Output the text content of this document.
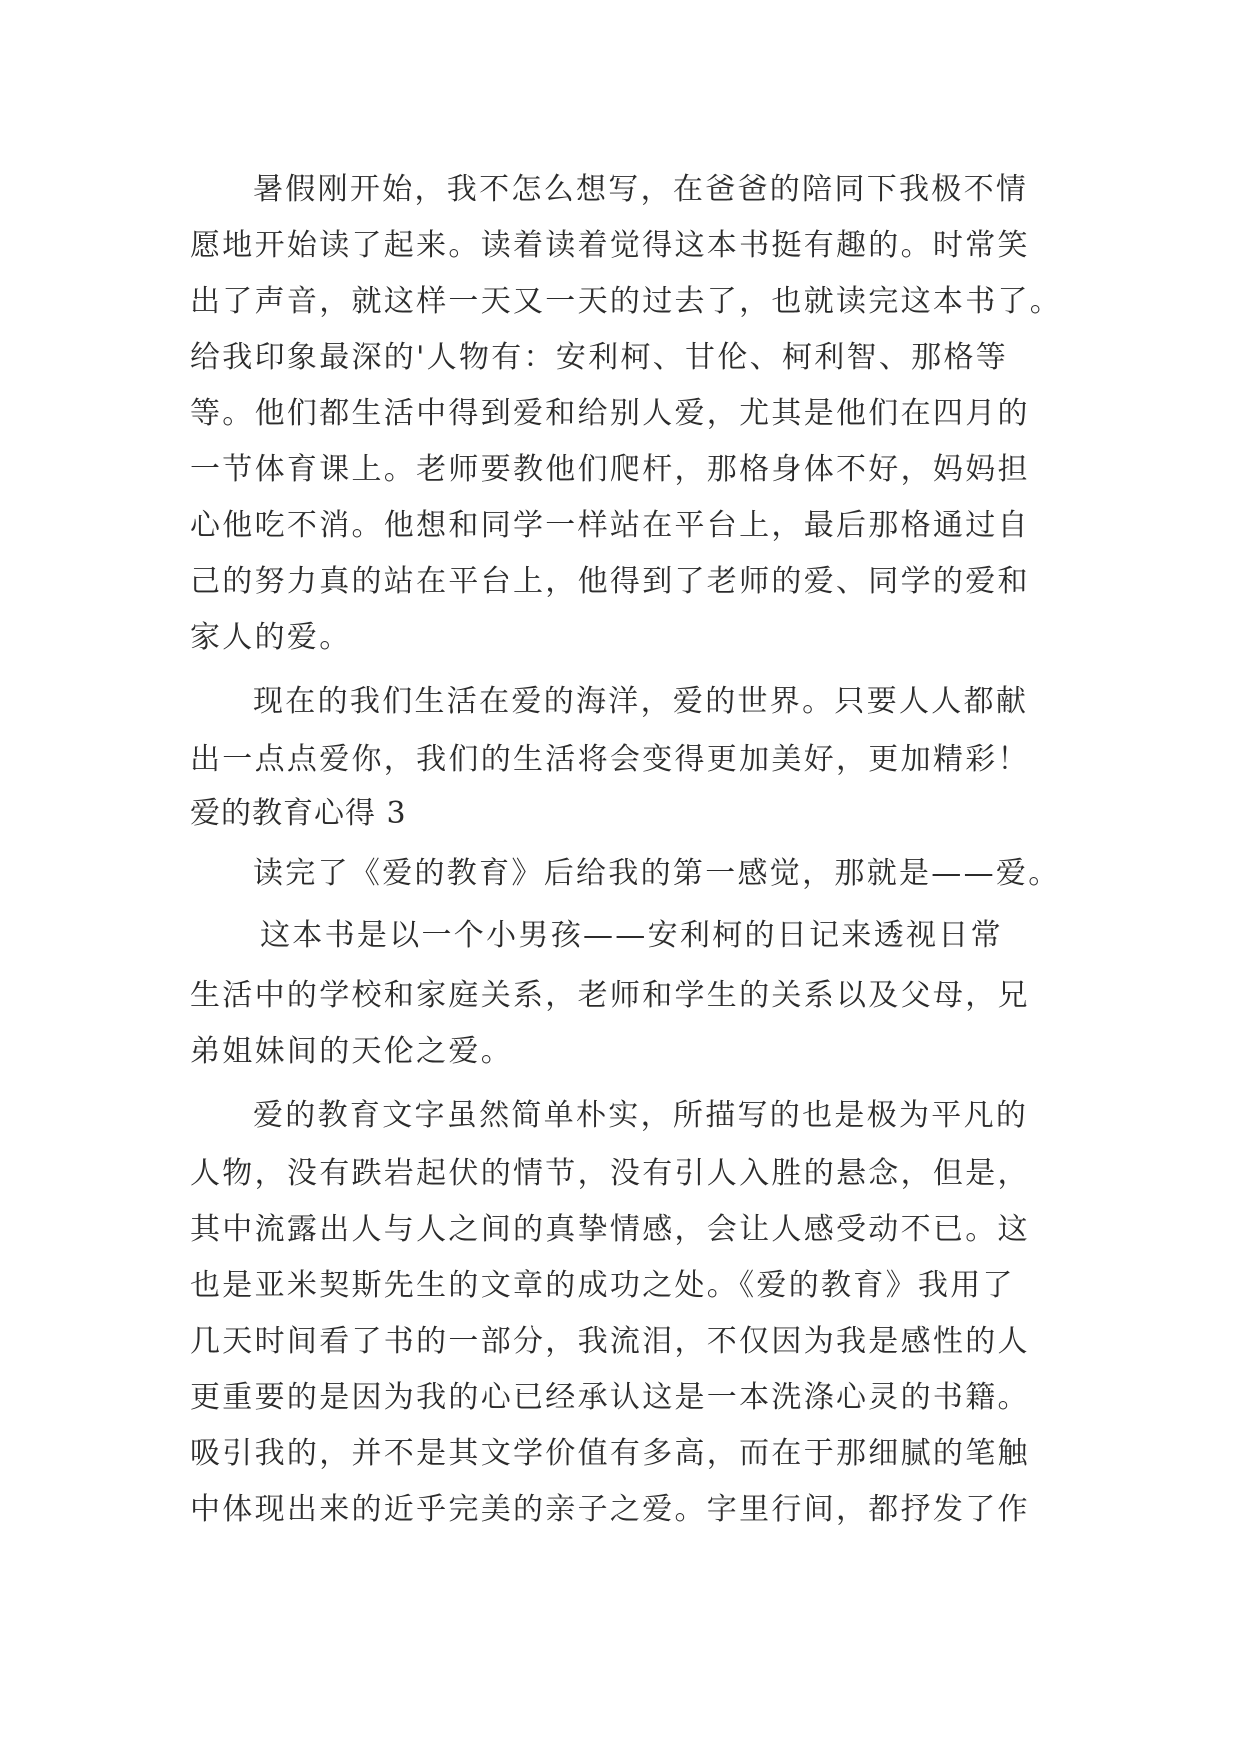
暑假刚开始，我不怎么想写，在爸爸的陪同下我极不情
愿地开始读了起来。读着读着觉得这本书挺有趣的。时常笑
出了声音，就这样一天又一天的过去了，也就读完这本书了。
给我印象最深的'人物有：安利柯、甘伦、柯利智、那格等
等。他们都生活中得到爱和给别人爱，尤其是他们在四月的
一节体育课上。老师要教他们爬杆，那格身体不好，妈妈担
心他吃不消。他想和同学一样站在平台上，最后那格通过自
己的努力真的站在平台上，他得到了老师的爱、同学的爱和
家人的爱。
现在的我们生活在爱的海洋，爱的世界。只要人人都献
出一点点爱你，我们的生活将会变得更加美好，更加精彩！
爱的教育心得 3
读完了《爱的教育》后给我的第一感觉，那就是——爱。
这本书是以一个小男孩——安利柯的日记来透视日常
生活中的学校和家庭关系，老师和学生的关系以及父母，兄
弟姐妹间的天伦之爱。
爱的教育文字虽然简单朴实，所描写的也是极为平凡的
人物，没有跌岩起伏的情节，没有引人入胜的悬念，但是，
其中流露出人与人之间的真挚情感，会让人感受动不已。这
也是亚米契斯先生的文章的成功之处。《爱的教育》我用了
几天时间看了书的一部分，我流泪，不仅因为我是感性的人
更重要的是因为我的心已经承认这是一本洗涤心灵的书籍。
吸引我的，并不是其文学价值有多高，而在于那细腻的笔触
中体现出来的近乎完美的亲子之爱。字里行间，都抒发了作
